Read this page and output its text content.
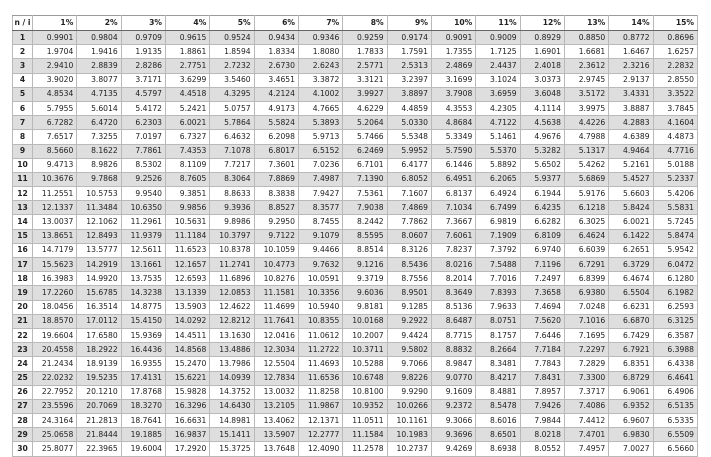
n / i	1%	2%	3%	4%	5%	6%	7%	8%	9%	10%	11%	12%	13%	14%	15%
1	0.9901	0.9804	0.9709	0.9615	0.9524	0.9434	0.9346	0.9259	0.9174	0.9091	0.9009	0.8929	0.8850	0.8772	0.8696
2	1.9704	1.9416	1.9135	1.8861	1.8594	1.8334	1.8080	1.7833	1.7591	1.7355	1.7125	1.6901	1.6681	1.6467	1.6257
3	2.9410	2.8839	2.8286	2.7751	2.7232	2.6730	2.6243	2.5771	2.5313	2.4869	2.4437	2.4018	2.3612	2.3216	2.2832
4	3.9020	3.8077	3.7171	3.6299	3.5460	3.4651	3.3872	3.3121	3.2397	3.1699	3.1024	3.0373	2.9745	2.9137	2.8550
5	4.8534	4.7135	4.5797	4.4518	4.3295	4.2124	4.1002	3.9927	3.8897	3.7908	3.6959	3.6048	3.5172	3.4331	3.3522
6	5.7955	5.6014	5.4172	5.2421	5.0757	4.9173	4.7665	4.6229	4.4859	4.3553	4.2305	4.1114	3.9975	3.8887	3.7845
7	6.7282	6.4720	6.2303	6.0021	5.7864	5.5824	5.3893	5.2064	5.0330	4.8684	4.7122	4.5638	4.4226	4.2883	4.1604
8	7.6517	7.3255	7.0197	6.7327	6.4632	6.2098	5.9713	5.7466	5.5348	5.3349	5.1461	4.9676	4.7988	4.6389	4.4873
9	8.5660	8.1622	7.7861	7.4353	7.1078	6.8017	6.5152	6.2469	5.9952	5.7590	5.5370	5.3282	5.1317	4.9464	4.7716
10	9.4713	8.9826	8.5302	8.1109	7.7217	7.3601	7.0236	6.7101	6.4177	6.1446	5.8892	5.6502	5.4262	5.2161	5.0188
11	10.3676	9.7868	9.2526	8.7605	8.3064	7.8869	7.4987	7.1390	6.8052	6.4951	6.2065	5.9377	5.6869	5.4527	5.2337
12	11.2551	10.5753	9.9540	9.3851	8.8633	8.3838	7.9427	7.5361	7.1607	6.8137	6.4924	6.1944	5.9176	5.6603	5.4206
13	12.1337	11.3484	10.6350	9.9856	9.3936	8.8527	8.3577	7.9038	7.4869	7.1034	6.7499	6.4235	6.1218	5.8424	5.5831
14	13.0037	12.1062	11.2961	10.5631	9.8986	9.2950	8.7455	8.2442	7.7862	7.3667	6.9819	6.6282	6.3025	6.0021	5.7245
15	13.8651	12.8493	11.9379	11.1184	10.3797	9.7122	9.1079	8.5595	8.0607	7.6061	7.1909	6.8109	6.4624	6.1422	5.8474
16	14.7179	13.5777	12.5611	11.6523	10.8378	10.1059	9.4466	8.8514	8.3126	7.8237	7.3792	6.9740	6.6039	6.2651	5.9542
17	15.5623	14.2919	13.1661	12.1657	11.2741	10.4773	9.7632	9.1216	8.5436	8.0216	7.5488	7.1196	6.7291	6.3729	6.0472
18	16.3983	14.9920	13.7535	12.6593	11.6896	10.8276	10.0591	9.3719	8.7556	8.2014	7.7016	7.2497	6.8399	6.4674	6.1280
19	17.2260	15.6785	14.3238	13.1339	12.0853	11.1581	10.3356	9.6036	8.9501	8.3649	7.8393	7.3658	6.9380	6.5504	6.1982
20	18.0456	16.3514	14.8775	13.5903	12.4622	11.4699	10.5940	9.8181	9.1285	8.5136	7.9633	7.4694	7.0248	6.6231	6.2593
21	18.8570	17.0112	15.4150	14.0292	12.8212	11.7641	10.8355	10.0168	9.2922	8.6487	8.0751	7.5620	7.1016	6.6870	6.3125
22	19.6604	17.6580	15.9369	14.4511	13.1630	12.0416	11.0612	10.2007	9.4424	8.7715	8.1757	7.6446	7.1695	6.7429	6.3587
23	20.4558	18.2922	16.4436	14.8568	13.4886	12.3034	11.2722	10.3711	9.5802	8.8832	8.2664	7.7184	7.2297	6.7921	6.3988
24	21.2434	18.9139	16.9355	15.2470	13.7986	12.5504	11.4693	10.5288	9.7066	8.9847	8.3481	7.7843	7.2829	6.8351	6.4338
25	22.0232	19.5235	17.4131	15.6221	14.0939	12.7834	11.6536	10.6748	9.8226	9.0770	8.4217	7.8431	7.3300	6.8729	6.4641
26	22.7952	20.1210	17.8768	15.9828	14.3752	13.0032	11.8258	10.8100	9.9290	9.1609	8.4881	7.8957	7.3717	6.9061	6.4906
27	23.5596	20.7069	18.3270	16.3296	14.6430	13.2105	11.9867	10.9352	10.0266	9.2372	8.5478	7.9426	7.4086	6.9352	6.5135
28	24.3164	21.2813	18.7641	16.6631	14.8981	13.4062	12.1371	11.0511	10.1161	9.3066	8.6016	7.9844	7.4412	6.9607	6.5335
29	25.0658	21.8444	19.1885	16.9837	15.1411	13.5907	12.2777	11.1584	10.1983	9.3696	8.6501	8.0218	7.4701	6.9830	6.5509
30	25.8077	22.3965	19.6004	17.2920	15.3725	13.7648	12.4090	11.2578	10.2737	9.4269	8.6938	8.0552	7.4957	7.0027	6.5660
